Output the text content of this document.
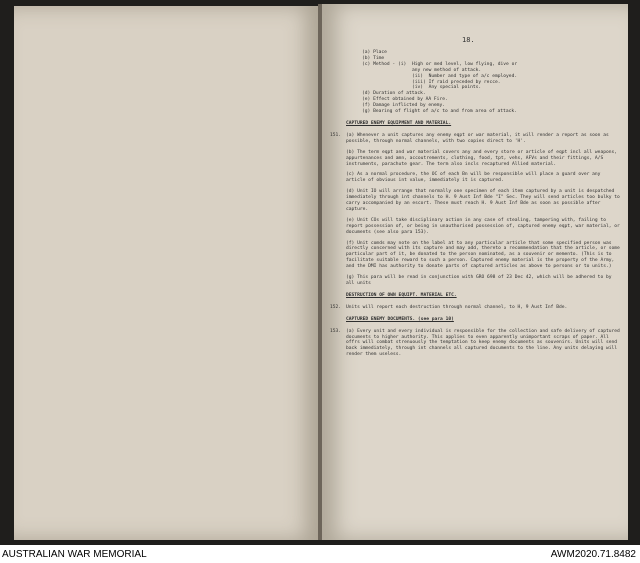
18.
(a) Place
(b) Time
(c) Method - (i)	High or med level, low flying, dive or
any new method of attack.
(ii)  Number and type of a/c employed.
(iii) If raid preceded by recce.
(iv)  Any special points.
(d) Duration of attack.
(e) Effect obtained by AA Fire.
(f) Damage inflicted by enemy.
(g) Bearing of flight of a/c to and from area of attack.
CAPTURED ENEMY EQUIPMENT AND MATERIAL.
151.	(a) Whenever a unit captures any enemy eqpt or war material, it will render a report as soon as possible, through normal channels, with two copies direct to 'H'.
(b) The term eqpt and war material covers any and every store or article of eqpt incl all weapons, appurtenances and amn, accoutrements, clothing, food, tpt, vehs, AFVs and their fittings, A/S instruments, parachute gear. The term also incls recaptured Allied material.
(c) As a normal procedure, the OC of each Bn will be responsible will place a guard over any article of obvious int value, immediately it is captured.
(d) Unit IO will arrange that normally one specimen of each item captured by a unit is despatched immediately through int channels to H. 9 Aust Inf Bde "I" Sec. They will send articles too bulky to carry accompanied by an escort. These must reach H. 9 Aust Inf Bde as soon as possible after capture.
(e) Unit COs will take disciplinary action in any case of stealing, tampering with, failing to report possession of, or being in unauthorised possession of, captured enemy eqpt, war material, or documents (see also para 153).
(f) Unit comds may note on the label at to any particular article that some specified person was directly concerned with its capture and may add, thereto a recommendation that the article, or some particular part of it, be donated to the person nominated, as a souvenir or memento. (This is to facilitate suitable reward to such a person. Captured enemy material is the property of the Army, and the DMI has authority to donate parts of captured articles as above to persons or to units.)
(g) This para will be read in conjunction with GRO 698 of 23 Dec 42, which will be adhered to by all units
DESTRUCTION OF OWN EQUIPT. MATERIAL ETC.
152.	Units will report each destruction through normal channel, to H, 9 Aust Inf Bde.
CAPTURED ENEMY DOCUMENTS. (see para 10)
153.	(a) Every unit and every individual is responsible for the collection and safe delivery of captured documents to higher authority. This applies to even apparently unimportant scraps of paper. All offrs will combat strenuously the temptation to keep enemy documents as souvenirs. Units will send back immediately, through int channels all captured documents to the line. Any units delaying will render them useless.
AUSTRALIAN WAR MEMORIAL	AWM2020.71.8482
